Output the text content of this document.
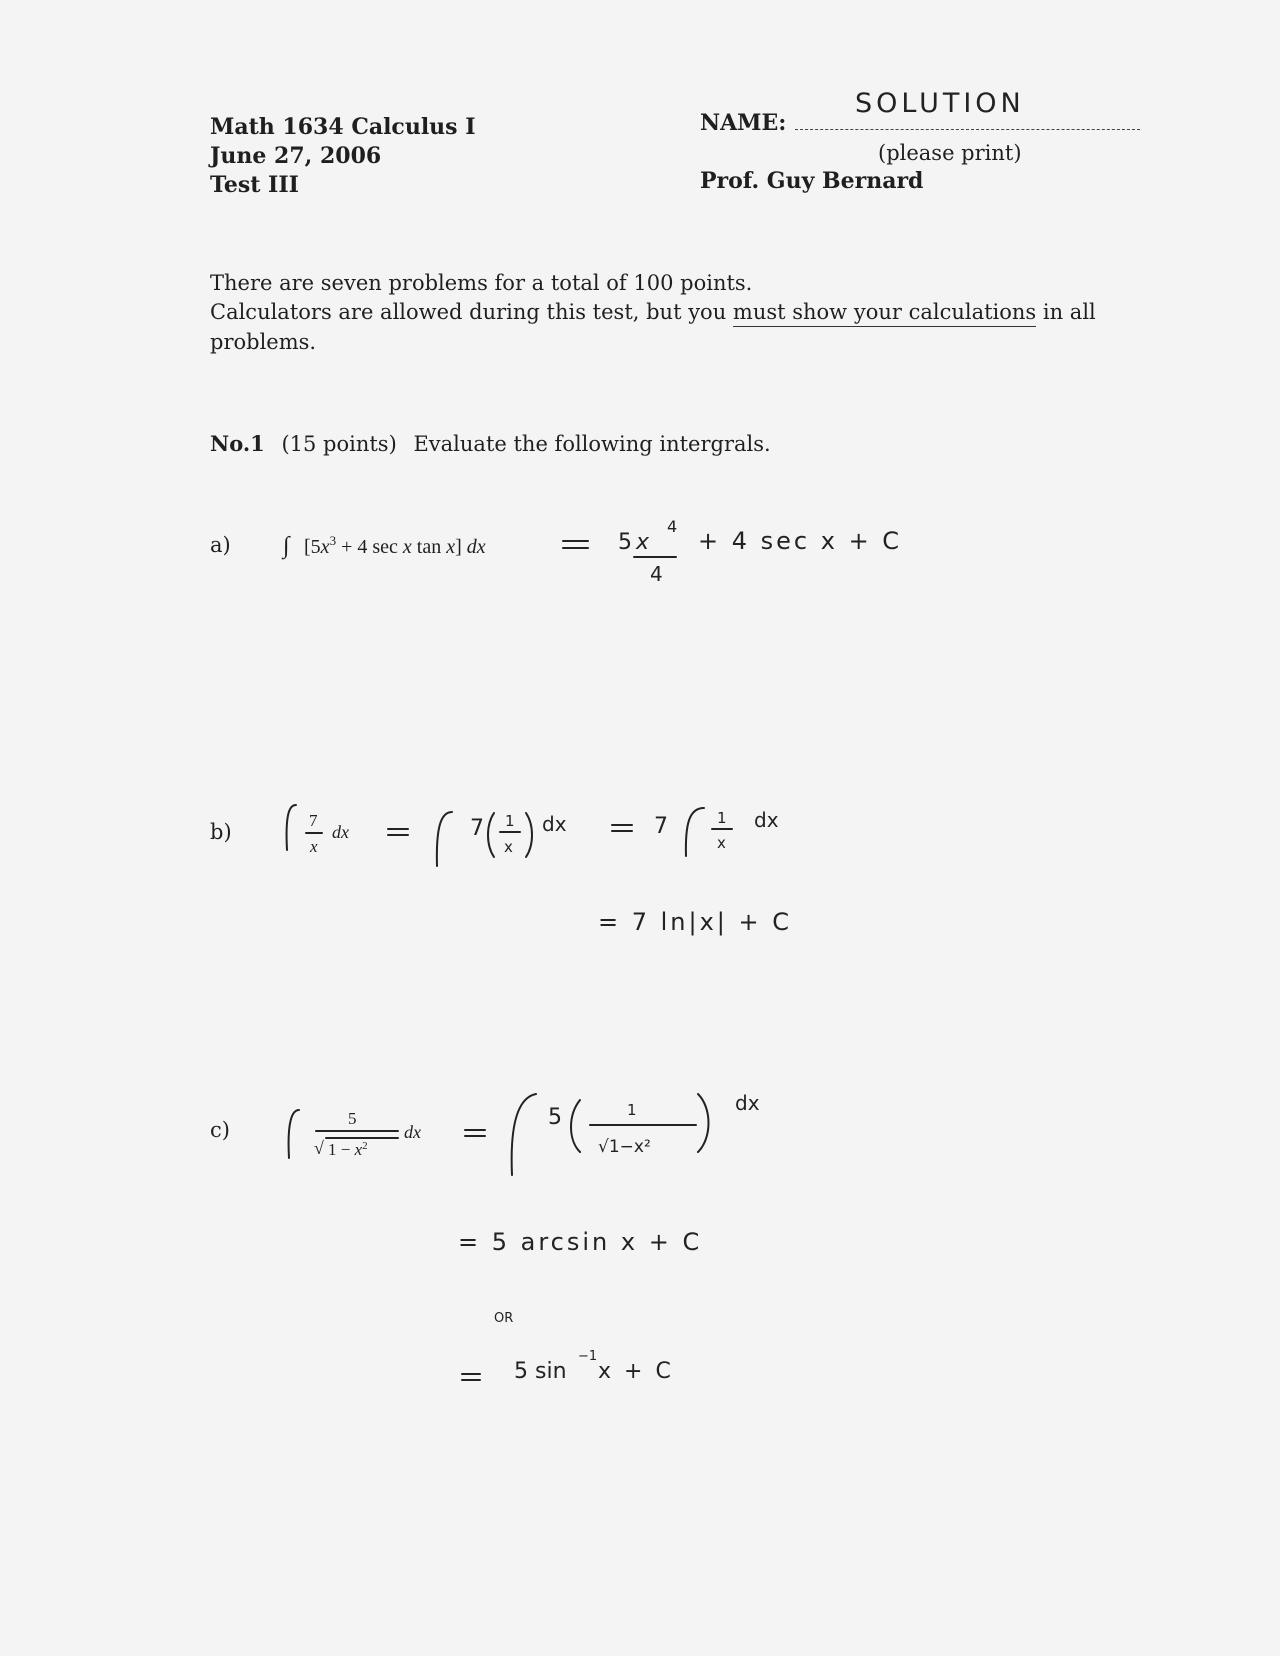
Math 1634 Calculus I
June 27, 2006
Test III
NAME:
SOLUTION
(please print)
Prof. Guy Bernard
There are seven problems for a total of 100 points.
Calculators are allowed during this test, but you must show your calculations in all
problems.
No.1 (15 points) Evaluate the following intergrals.
a)
b)
c)
∫ [$5x^3 + 4$ sec x tan x] dx	5 x
4
4
+ 4 sec x + C
7
x
dx	7 1
x
dx	7	1
x
dx
= 7 ln|x| + C
5
√ $1 - x^2$
dx
5	1
√1−x²
dx
= 5 arcsin x + C
OR
5 sin
−1
x + C
